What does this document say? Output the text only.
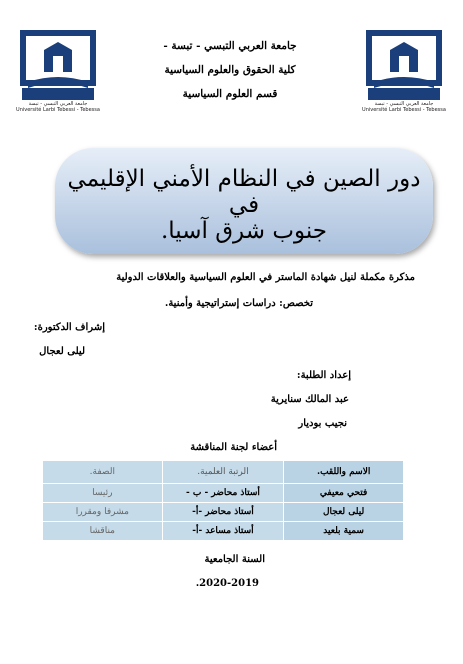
جامعة العربي التبسي - تبسة
Université Larbi Tebessi - Tebessa
جامعة العربي التبسي - تبسة
Université Larbi Tebessi - Tebessa
جامعة العربي التبسي - تبسة -
كلية الحقوق والعلوم السياسية
قسم العلوم السياسية
دور الصين في النظام الأمني الإقليمي في
جنوب شرق آسيا.
مذكرة مكملة لنيل شهادة الماستر في العلوم السياسية والعلاقات الدولية
تخصص: دراسات إستراتيجية وأمنية.
إشراف الدكتورة:
ليلى لعجال
إعداد الطلبة:
عبد المالك سنايرية
نجيب بوديار
أعضاء لجنة المناقشة
الاسم واللقب.	الرتبة العلمية.	الصفة.
فتحي معيفي	أستاذ محاضر - ب -	رئيسا
ليلى لعجال	أستاذ محاضر -أ-	مشرفا ومقررا
سمية بلعيد	أستاذ مساعد -أ-	مناقشا
السنة الجامعية
2020-2019.
